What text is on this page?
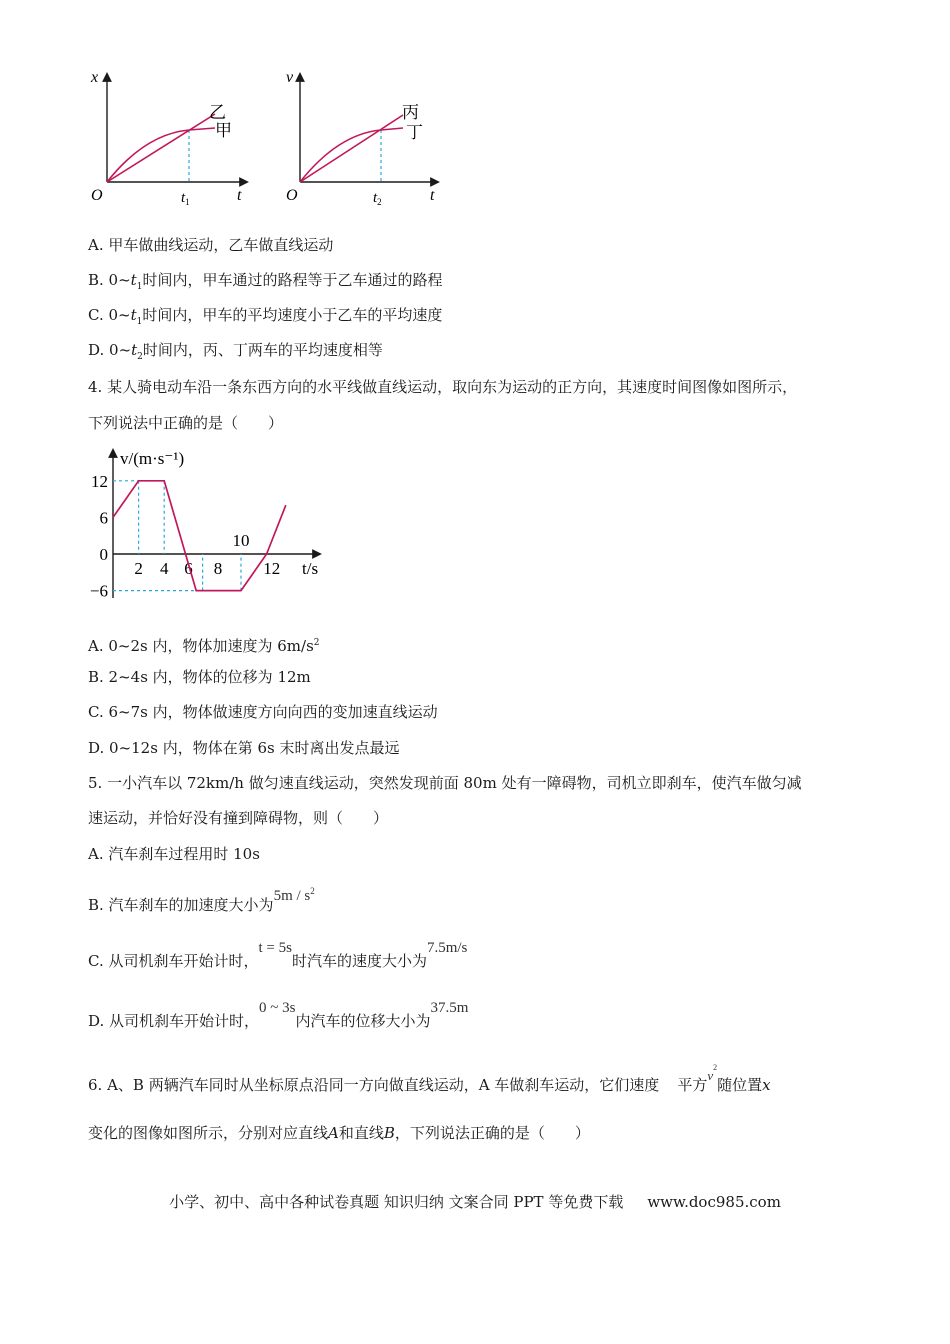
x
t
O	$t_1$
乙
甲
v
t
O	$t_2$
丙
丁
A. 甲车做曲线运动，乙车做直线运动
B. $0\sim t_1$时间内，甲车通过的路程等于乙车通过的路程
C. $0\sim t_1$时间内，甲车的平均速度小于乙车的平均速度
D. $0\sim t_2$时间内，丙、丁两车的平均速度相等
4. 某人骑电动车沿一条东西方向的水平线做直线运动，取向东为运动的正方向，其速度时间图像如图所示，
下列说法中正确的是（　　）
v/(m·s⁻¹)
t/s
12
6
0
−6
2 4 6 8
10
12
A. 0~2s 内，物体加速度为 $6m/s^2$
B. 2~4s 内，物体的位移为 12m
C. 6~7s 内，物体做速度方向向西的变加速直线运动
D. 0~12s 内，物体在第 6s 末时离出发点最远
5. 一小汽车以 72km/h 做匀速直线运动，突然发现前面 80m 处有一障碍物，司机立即刹车，使汽车做匀减
速运动，并恰好没有撞到障碍物，则（　　）
A. 汽车刹车过程用时 10s
B. 汽车刹车的加速度大小为$5m / s^2$
C. 从司机刹车开始计时，t = 5s时汽车的速度大小为7.5m/s
D. 从司机刹车开始计时，0 ~ 3s内汽车的位移大小为37.5m
6. A、B 两辆汽车同时从坐标原点沿同一方向做直线运动，A 车做刹车运动，它们速度 平方$v^2$随位置x
变化的图像如图所示，分别对应直线A和直线B，下列说法正确的是（　　）
小学、初中、高中各种试卷真题 知识归纳 文案合同 PPT 等免费下载 www.doc985.com
